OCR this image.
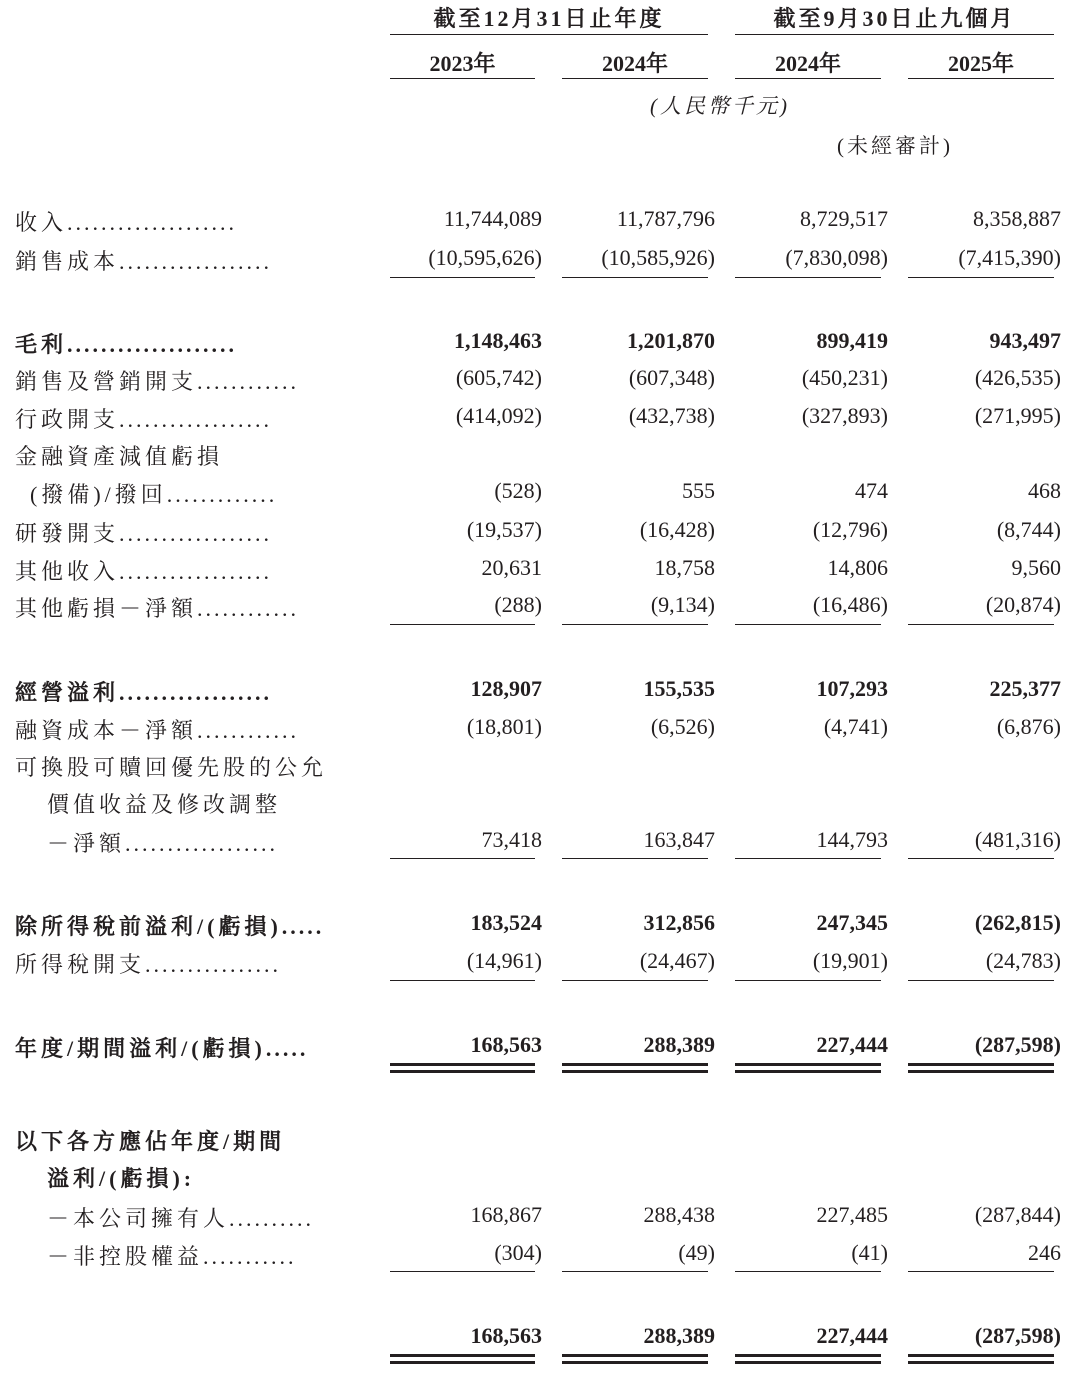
截至12月31日止年度	截至9月30日止九個月
2023年	2024年	2024年	2025年
(人民幣千元)
(未經審計)
收入....................	11,744,089	11,787,796	8,729,517	8,358,887
銷售成本..................	(10,595,626)	(10,585,926)	(7,830,098)	(7,415,390)
毛利....................	1,148,463	1,201,870	899,419	943,497
銷售及營銷開支............	(605,742)	(607,348)	(450,231)	(426,535)
行政開支..................	(414,092)	(432,738)	(327,893)	(271,995)
金融資產減值虧損
(撥備)/撥回.............	(528)	555	474	468
研發開支..................	(19,537)	(16,428)	(12,796)	(8,744)
其他收入..................	20,631	18,758	14,806	9,560
其他虧損－淨額............	(288)	(9,134)	(16,486)	(20,874)
經營溢利..................	128,907	155,535	107,293	225,377
融資成本－淨額............	(18,801)	(6,526)	(4,741)	(6,876)
可換股可贖回優先股的公允
價值收益及修改調整
－淨額..................	73,418	163,847	144,793	(481,316)
除所得稅前溢利/(虧損).....	183,524	312,856	247,345	(262,815)
所得稅開支................	(14,961)	(24,467)	(19,901)	(24,783)
年度/期間溢利/(虧損).....	168,563	288,389	227,444	(287,598)
以下各方應佔年度/期間
溢利/(虧損):
－本公司擁有人..........	168,867	288,438	227,485	(287,844)
－非控股權益...........	(304)	(49)	(41)	246
168,563	288,389	227,444	(287,598)
